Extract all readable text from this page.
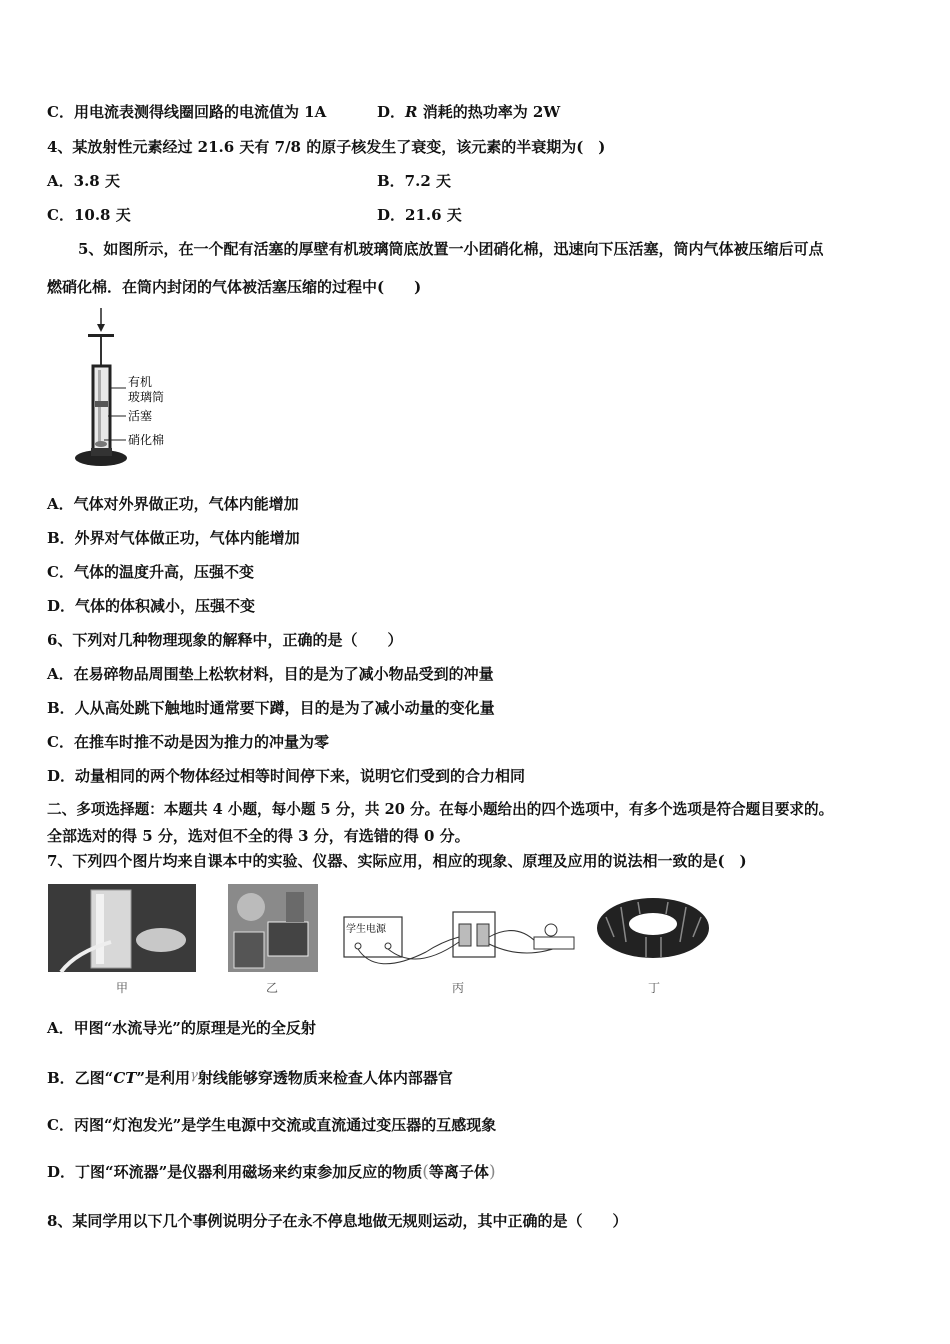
C．用电流表测得线圈回路的电流值为 1A	D．R 消耗的热功率为 2W
4、某放射性元素经过 21.6 天有 7/8 的原子核发生了衰变，该元素的半衰期为(　)
A．3.8 天	B．7.2 天
C．10.8 天	D．21.6 天
5、如图所示，在一个配有活塞的厚壁有机玻璃筒底放置一小团硝化棉，迅速向下压活塞，筒内气体被压缩后可点
燃硝化棉．在筒内封闭的气体被活塞压缩的过程中(　　)
有机
玻璃筒
活塞
硝化棉
A．气体对外界做正功，气体内能增加
B．外界对气体做正功，气体内能增加
C．气体的温度升高，压强不变
D．气体的体积减小，压强不变
6、下列对几种物理现象的解释中，正确的是（　　）
A．在易碎物品周围垫上松软材料，目的是为了减小物品受到的冲量
B．人从高处跳下触地时通常要下蹲，目的是为了减小动量的变化量
C．在推车时推不动是因为推力的冲量为零
D．动量相同的两个物体经过相等时间停下来，说明它们受到的合力相同
二、多项选择题：本题共 4 小题，每小题 5 分，共 20 分。在每小题给出的四个选项中，有多个选项是符合题目要求的。
全部选对的得 5 分，选对但不全的得 3 分，有选错的得 0 分。
7、下列四个图片均来自课本中的实验、仪器、实际应用，相应的现象、原理及应用的说法相一致的是(　)
甲	乙
学生电源
丙	丁
A．甲图“水流导光”的原理是光的全反射
B．乙图“CT”是利用γ射线能够穿透物质来检查人体内部器官
C．丙图“灯泡发光”是学生电源中交流或直流通过变压器的互感现象
D．丁图“环流器”是仪器利用磁场来约束参加反应的物质(等离子体)
8、某同学用以下几个事例说明分子在永不停息地做无规则运动，其中正确的是（　　）
